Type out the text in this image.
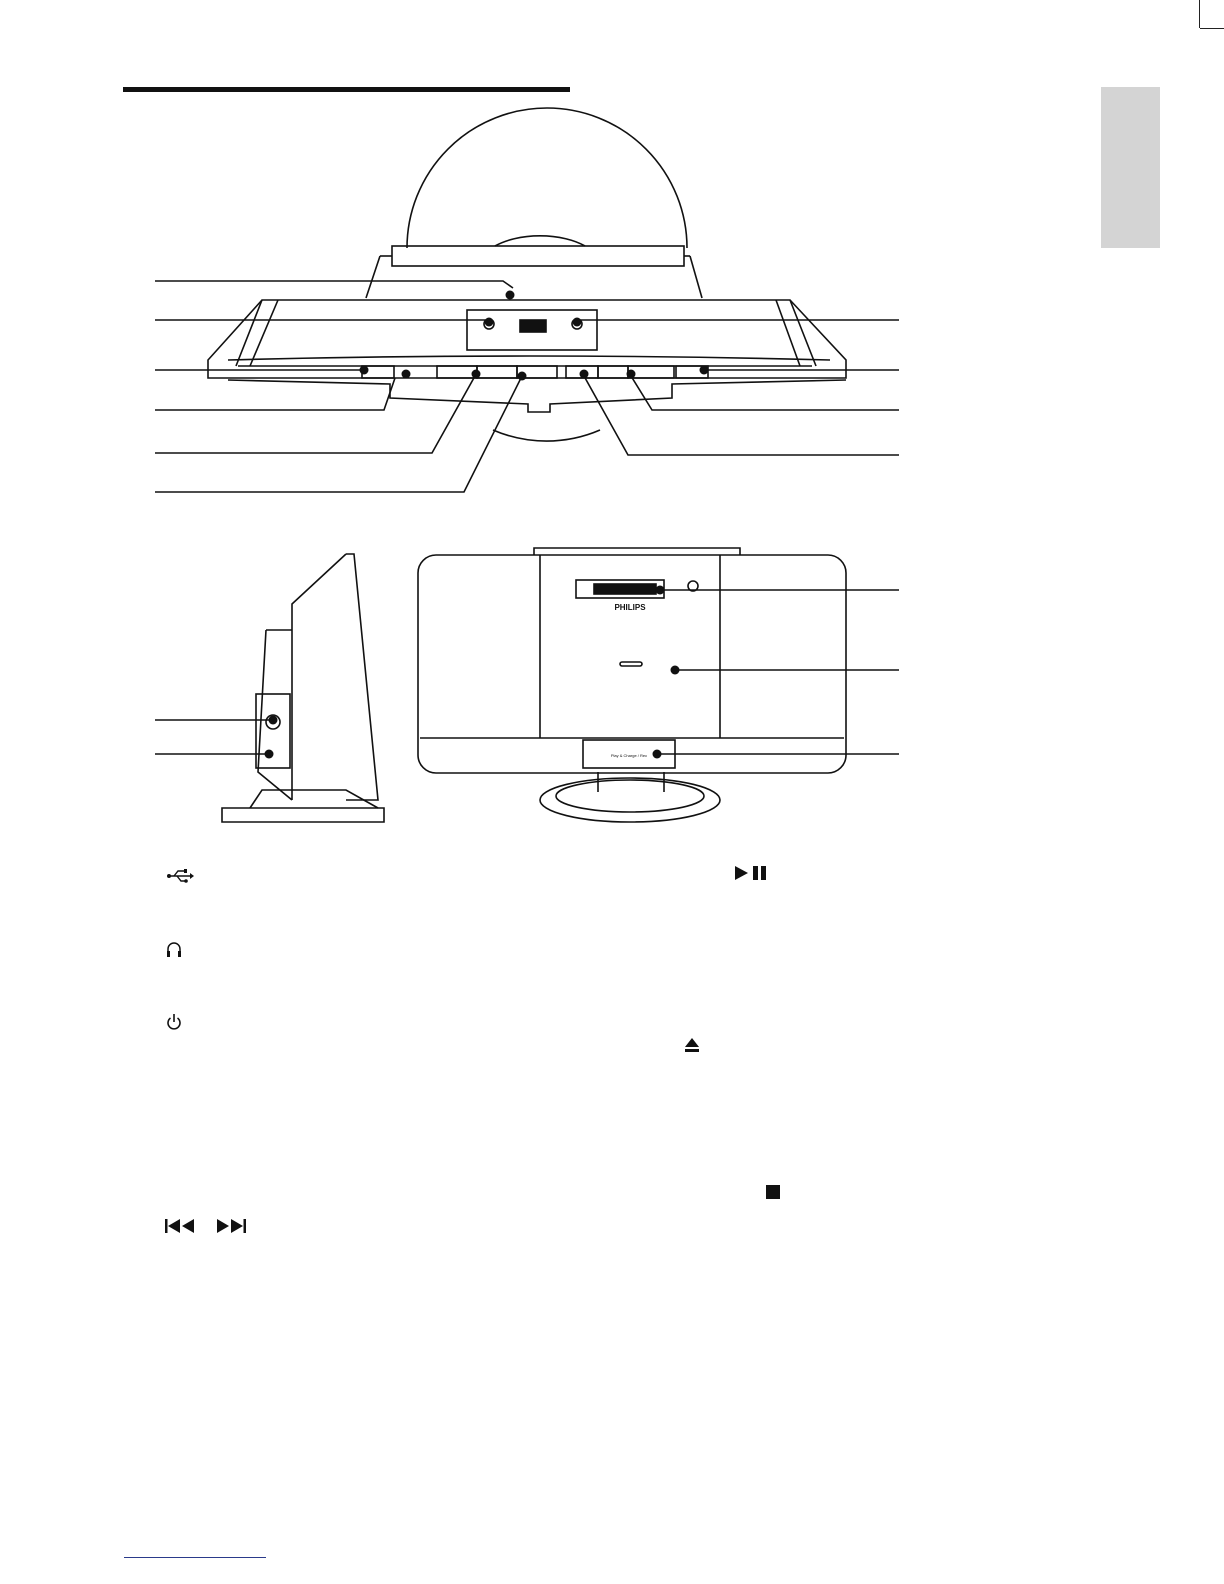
PHILIPS
Play & Charge / Rec
